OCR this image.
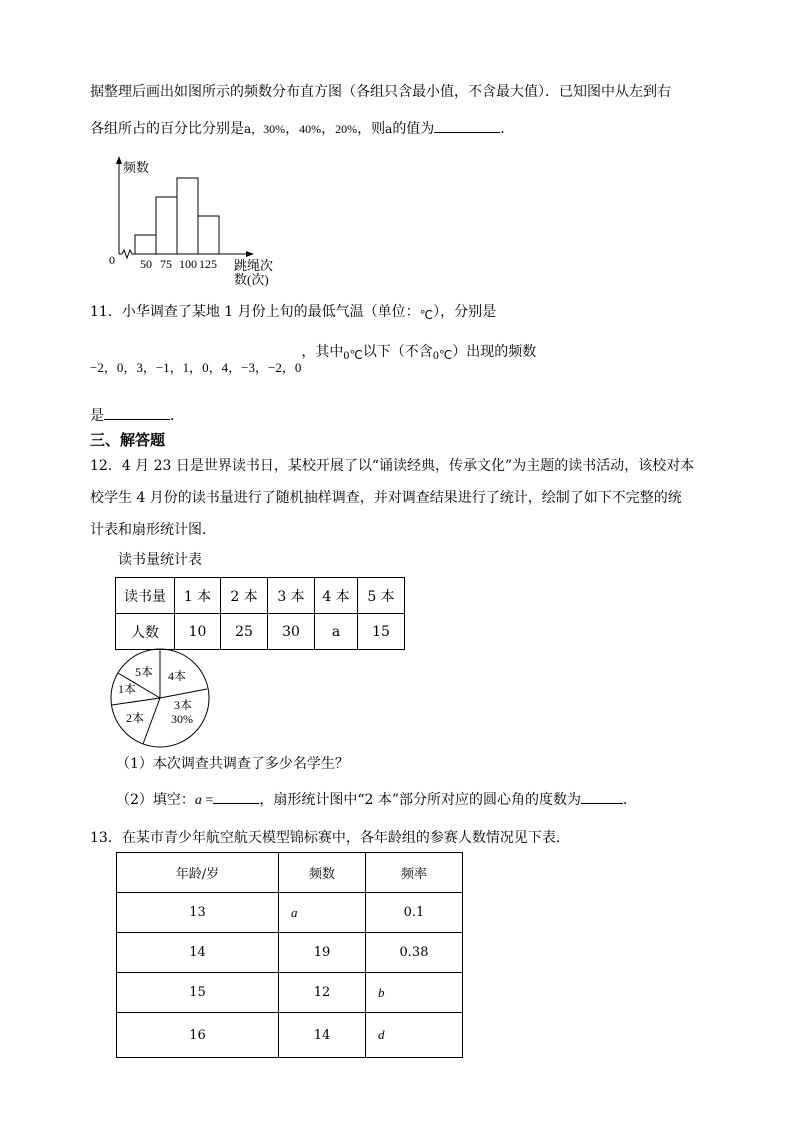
据整理后画出如图所示的频数分布直方图（各组只含最小值，不含最大值）．已知图中从左到右
各组所占的百分比分别是a，30%，40%，20%，则a的值为	．
50 75 100 125
频数
0	跳绳次
数(次)
11．小华调查了某地 1 月份上旬的最低气温（单位：℃），分别是
−2，0，3，−1，1，0，4，−3，−2，0，其中0℃以下（不含0℃）出现的频数
是	．
三、解答题
12．4 月 23 日是世界读书日，某校开展了以“诵读经典，传承文化”为主题的读书活动，该校对本
校学生 4 月份的读书量进行了随机抽样调查，并对调查结果进行了统计，绘制了如下不完整的统
计表和扇形统计图．
读书量统计表
读书量	1 本	2 本	3 本	4 本	5 本
人数	10	25	30	a	15
5本 4本
1本
2本
3本
30%
（1）本次调查共调查了多少名学生？
（2）填空：a =	，扇形统计图中“2 本”部分所对应的圆心角的度数为	．
13．在某市青少年航空航天模型锦标赛中，各年龄组的参赛人数情况见下表．
年龄/岁	频数	频率
13	a	0.1
14	19	0.38
15	12	b
16	14	d
